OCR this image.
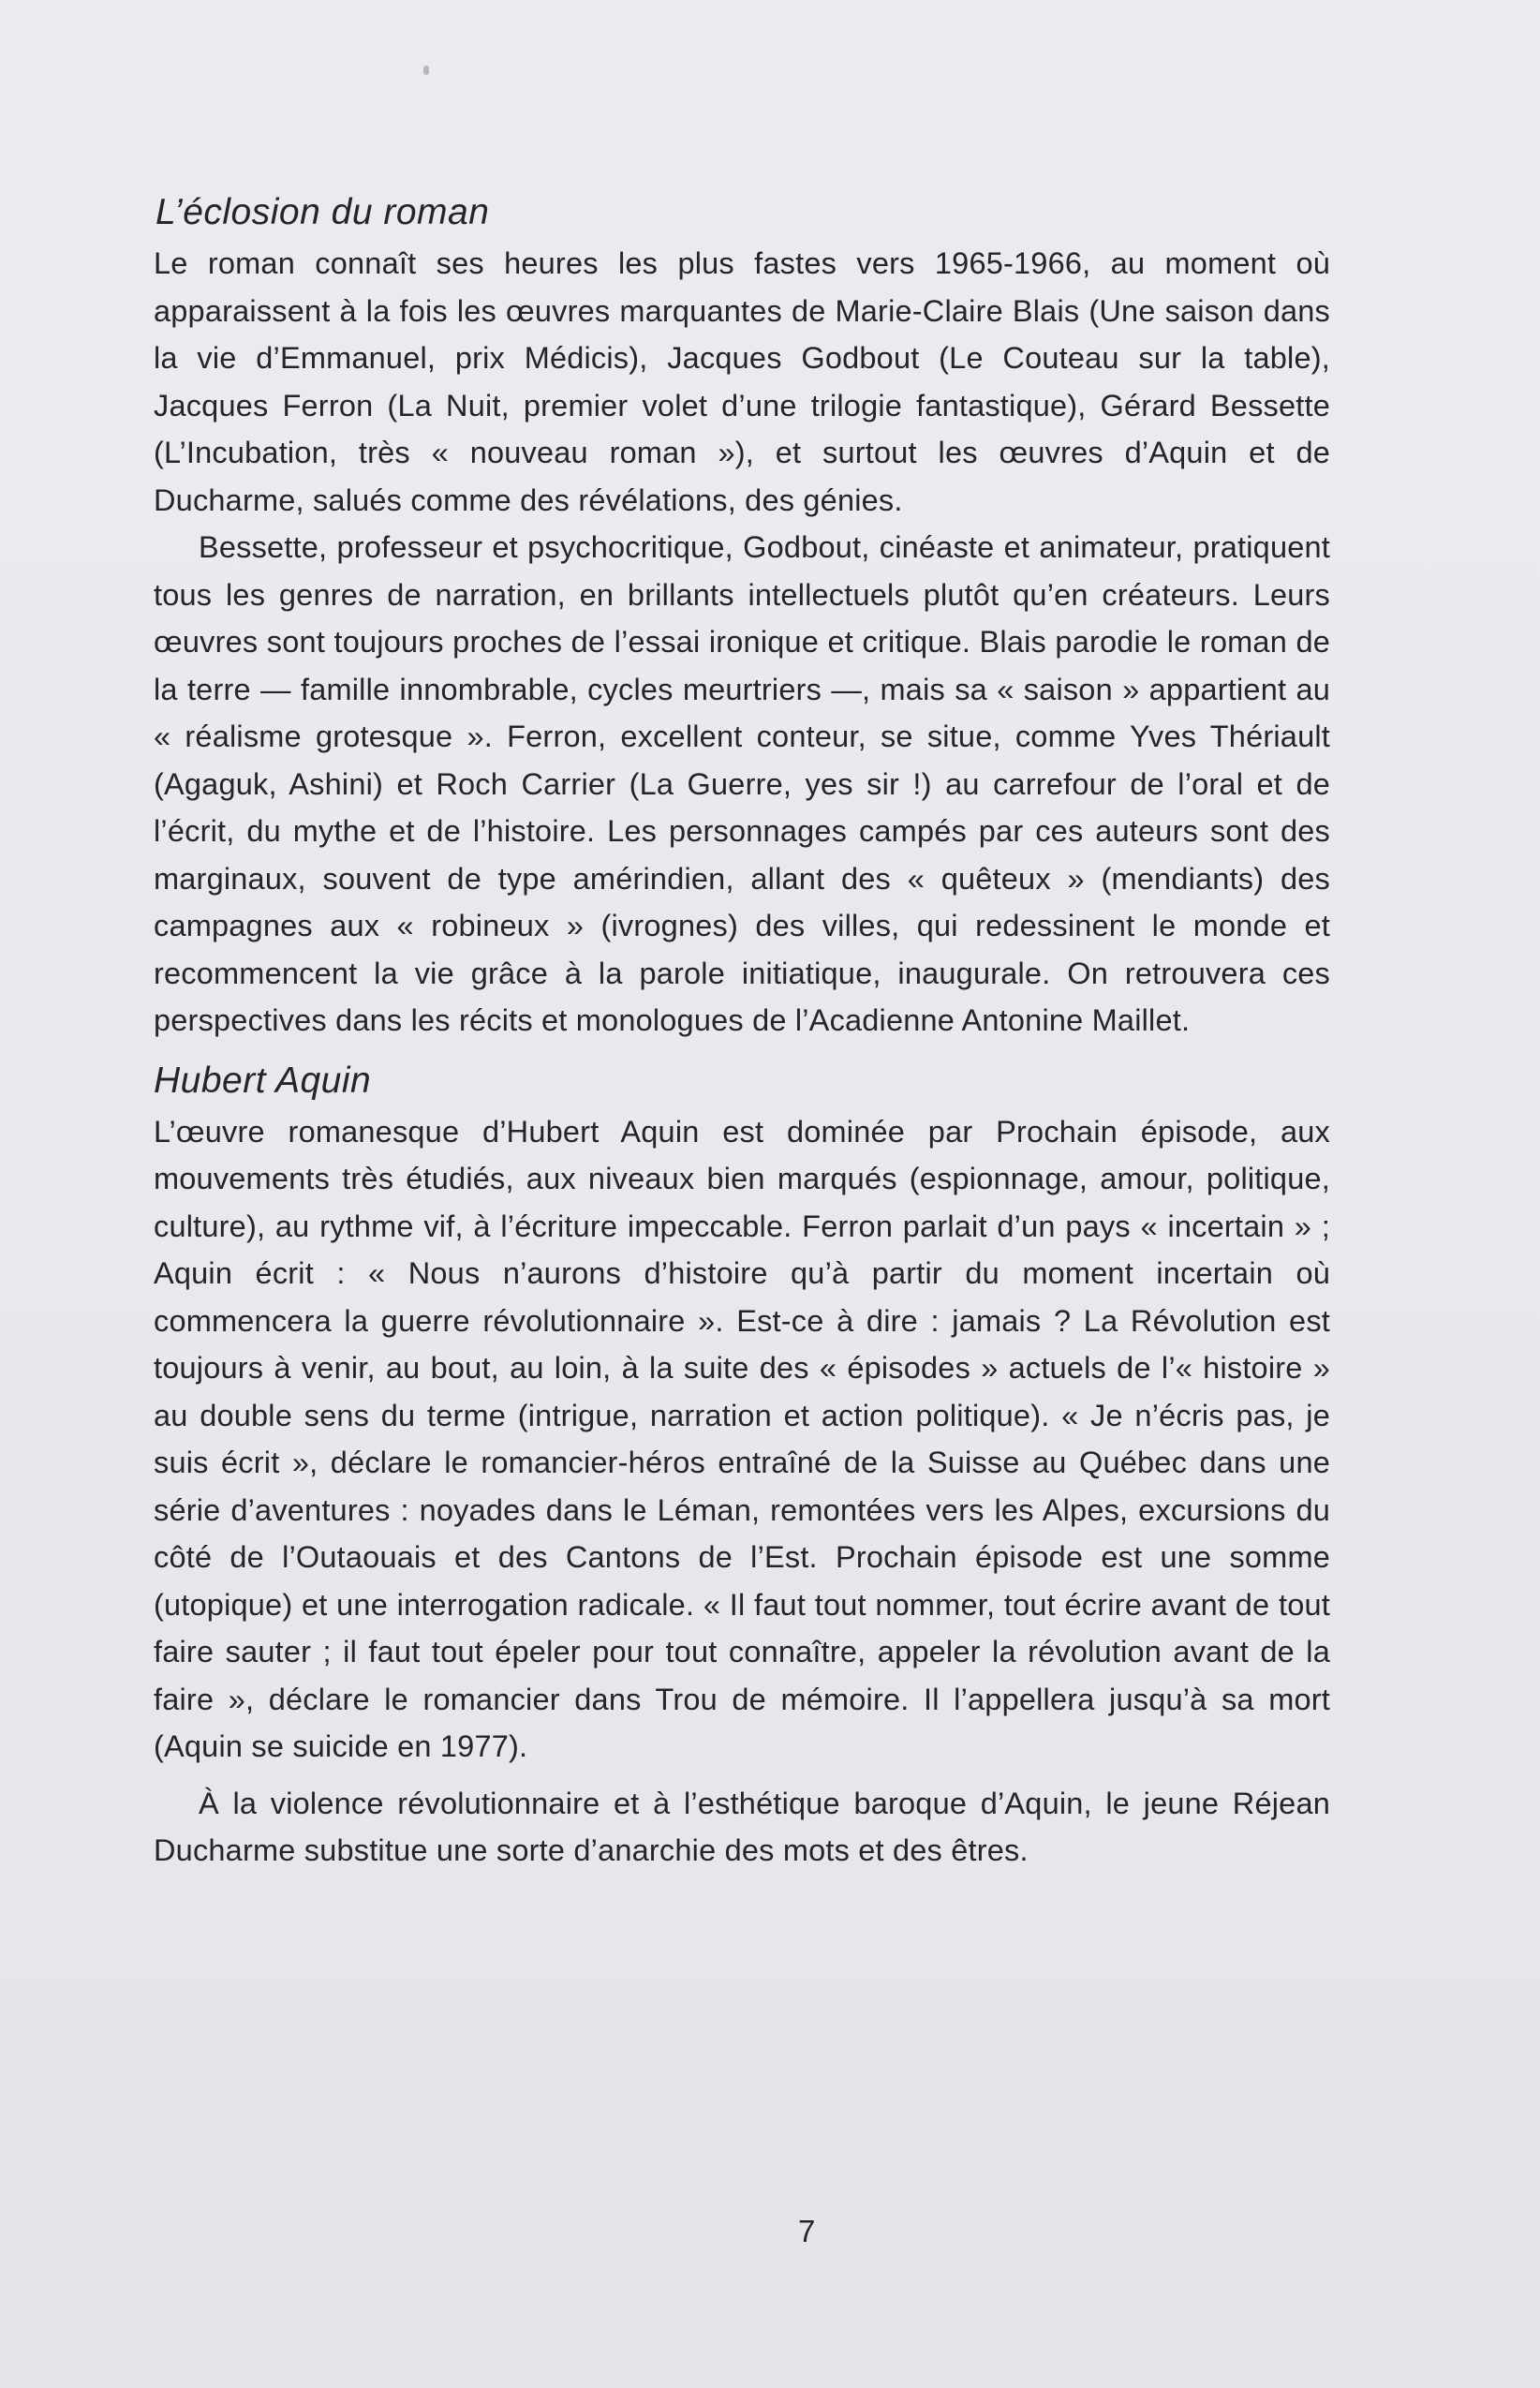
L’éclosion du roman

Le roman connaît ses heures les plus fastes vers 1965-1966, au moment où apparaissent à la fois les œuvres marquantes de Marie-Claire Blais (Une saison dans la vie d’Emmanuel, prix Médicis), Jacques Godbout (Le Couteau sur la table), Jacques Ferron (La Nuit, premier volet d’une trilogie fantastique), Gérard Bessette (L’Incubation, très « nouveau roman »), et surtout les œuvres d’Aquin et de Ducharme, salués comme des révélations, des génies.

Bessette, professeur et psychocritique, Godbout, cinéaste et animateur, pratiquent tous les genres de narration, en brillants intellectuels plutôt qu’en créateurs. Leurs œuvres sont toujours proches de l’essai ironique et critique. Blais parodie le roman de la terre — famille innombrable, cycles meurtriers —, mais sa « saison » appartient au « réalisme grotesque ». Ferron, excellent conteur, se situe, comme Yves Thériault (Agaguk, Ashini) et Roch Carrier (La Guerre, yes sir !) au carrefour de l’oral et de l’écrit, du mythe et de l’histoire. Les personnages campés par ces auteurs sont des marginaux, souvent de type amérindien, allant des « quêteux » (mendiants) des campagnes aux « robineux » (ivrognes) des villes, qui redessinent le monde et recommencent la vie grâce à la parole initiatique, inaugurale. On retrouvera ces perspectives dans les récits et monologues de l’Acadienne Antonine Maillet.

Hubert Aquin

L’œuvre romanesque d’Hubert Aquin est dominée par Prochain épisode, aux mouvements très étudiés, aux niveaux bien marqués (espionnage, amour, politique, culture), au rythme vif, à l’écriture impeccable. Ferron parlait d’un pays « incertain » ; Aquin écrit : « Nous n’aurons d’histoire qu’à partir du moment incertain où commencera la guerre révolutionnaire ». Est-ce à dire : jamais ? La Révolution est toujours à venir, au bout, au loin, à la suite des « épisodes » actuels de l’« histoire » au double sens du terme (intrigue, narration et action politique). « Je n’écris pas, je suis écrit », déclare le romancier-héros entraîné de la Suisse au Québec dans une série d’aventures : noyades dans le Léman, remontées vers les Alpes, excursions du côté de l’Outaouais et des Cantons de l’Est. Prochain épisode est une somme (utopique) et une interrogation radicale. « Il faut tout nommer, tout écrire avant de tout faire sauter ; il faut tout épeler pour tout connaître, appeler la révolution avant de la faire », déclare le romancier dans Trou de mémoire. Il l’appellera jusqu’à sa mort (Aquin se suicide en 1977).

À la violence révolutionnaire et à l’esthétique baroque d’Aquin, le jeune Réjean Ducharme substitue une sorte d’anarchie des mots et des êtres.

7
